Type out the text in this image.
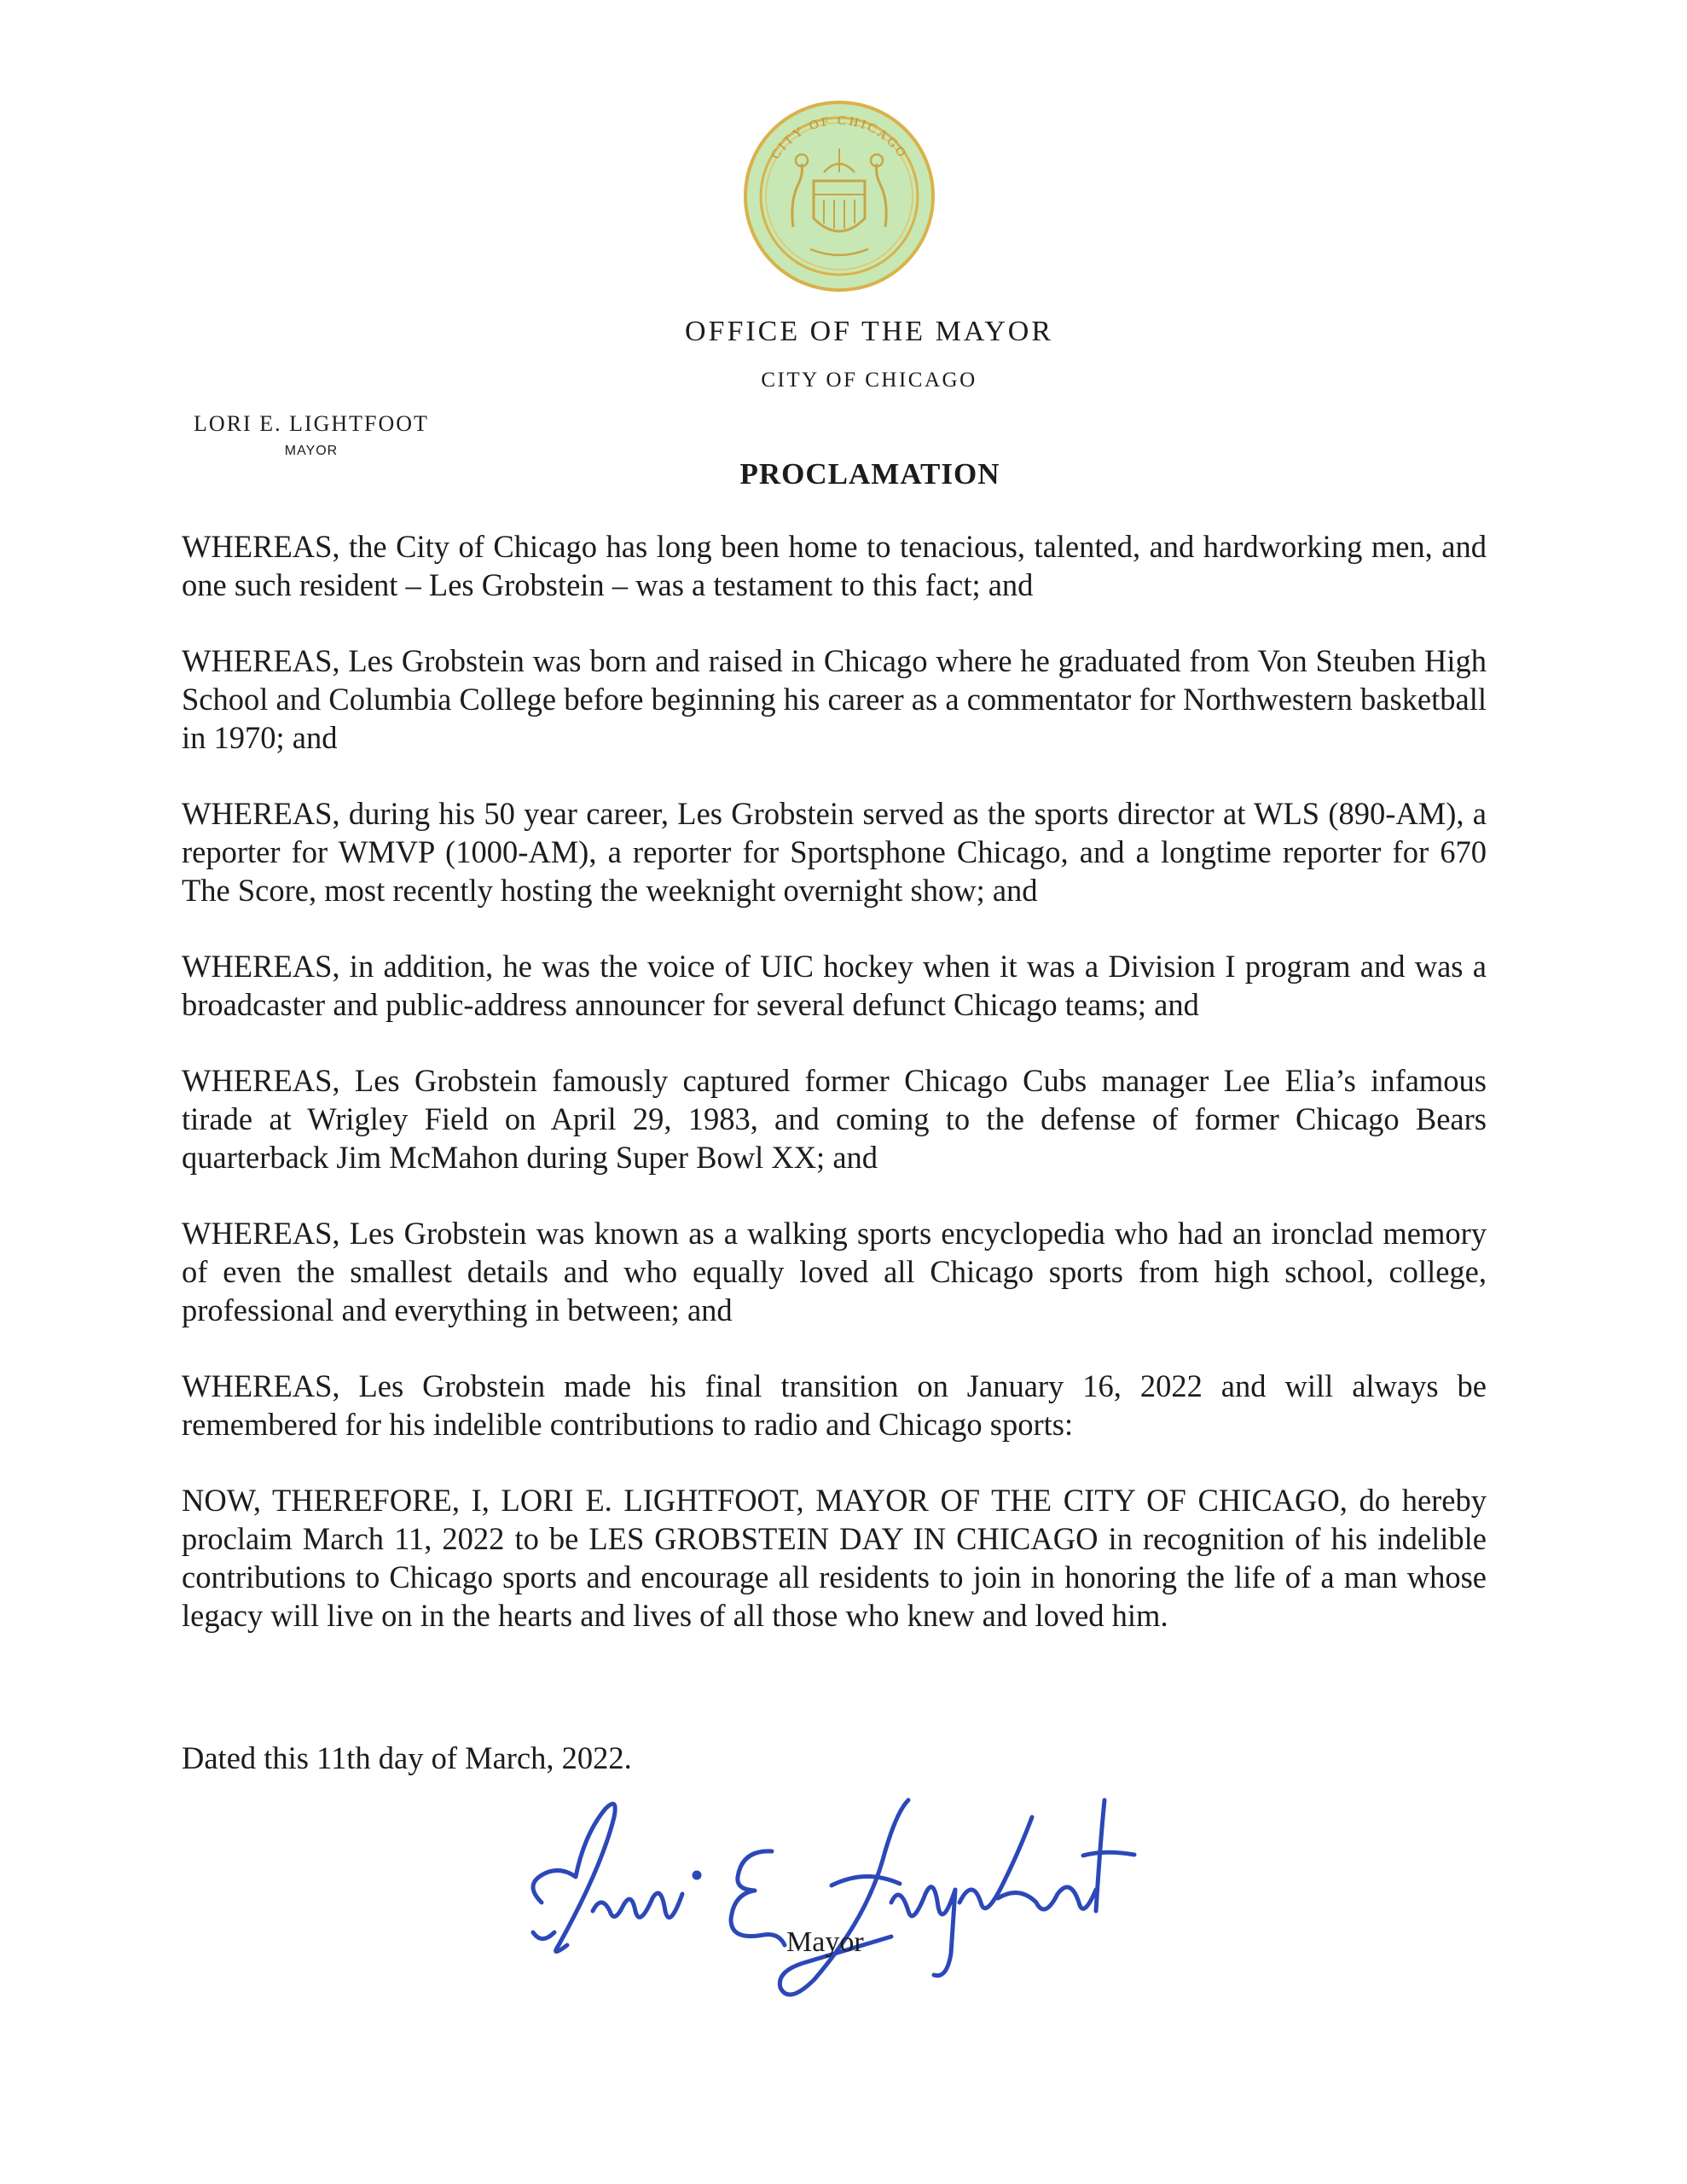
CITY OF CHICAGO
OFFICE OF THE MAYOR
CITY OF CHICAGO
LORI E. LIGHTFOOT
MAYOR
PROCLAMATION

WHEREAS, the City of Chicago has long been home to tenacious, talented, and hardworking men, and one such resident – Les Grobstein – was a testament to this fact; and

WHEREAS, Les Grobstein was born and raised in Chicago where he graduated from Von Steuben High School and Columbia College before beginning his career as a commentator for Northwestern basketball in 1970; and

WHEREAS, during his 50 year career, Les Grobstein served as the sports director at WLS (890-AM), a reporter for WMVP (1000-AM), a reporter for Sportsphone Chicago, and a longtime reporter for 670 The Score, most recently hosting the weeknight overnight show; and

WHEREAS, in addition, he was the voice of UIC hockey when it was a Division I program and was a broadcaster and public-address announcer for several defunct Chicago teams; and

WHEREAS, Les Grobstein famously captured former Chicago Cubs manager Lee Elia’s infamous tirade at Wrigley Field on April 29, 1983, and coming to the defense of former Chicago Bears quarterback Jim McMahon during Super Bowl XX; and

WHEREAS, Les Grobstein was known as a walking sports encyclopedia who had an ironclad memory of even the smallest details and who equally loved all Chicago sports from high school, college, professional and everything in between; and

WHEREAS, Les Grobstein made his final transition on January 16, 2022 and will always be remembered for his indelible contributions to radio and Chicago sports:

NOW, THEREFORE, I, LORI E. LIGHTFOOT, MAYOR OF THE CITY OF CHICAGO, do hereby proclaim March 11, 2022 to be LES GROBSTEIN DAY IN CHICAGO in recognition of his indelible contributions to Chicago sports and encourage all residents to join in honoring the life of a man whose legacy will live on in the hearts and lives of all those who knew and loved him.

Dated this 11th day of March, 2022.
Mayor
